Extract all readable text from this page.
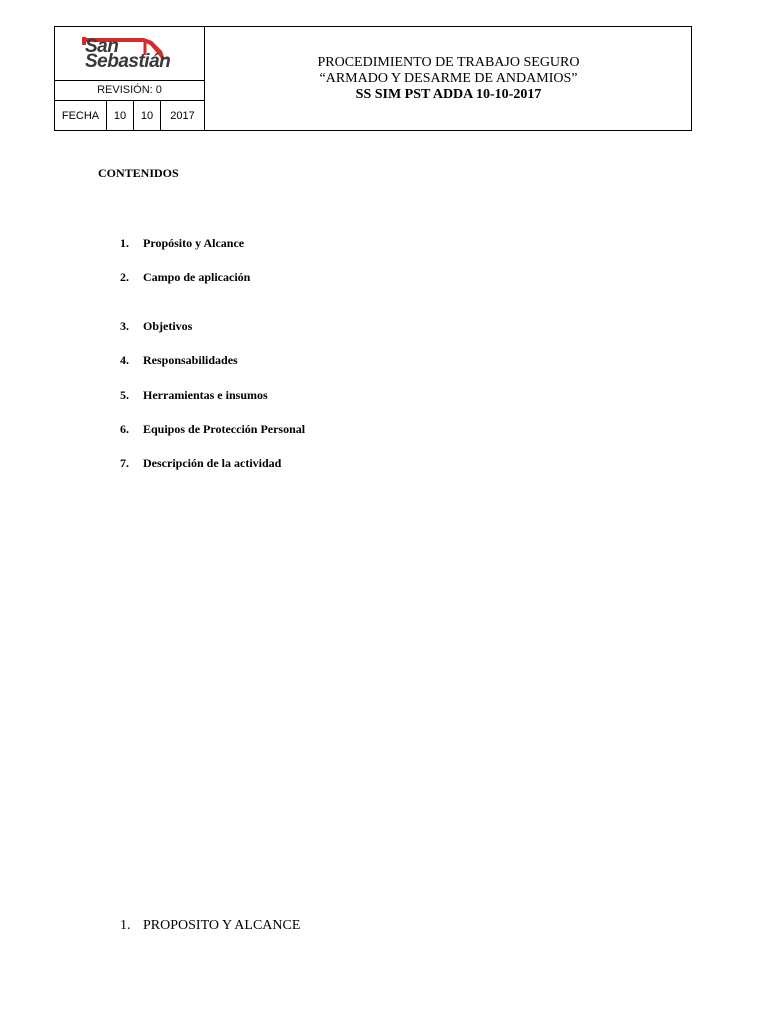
San
Sebastián
REVISIÓN: 0
FECHA	10	10	2017
PROCEDIMIENTO DE TRABAJO SEGURO
“ARMADO Y DESARME DE ANDAMIOS”
SS SIM PST ADDA 10-10-2017
CONTENIDOS
1. Propósito y Alcance
2. Campo de aplicación
3. Objetivos
4. Responsabilidades
5. Herramientas e insumos
6. Equipos de Protección Personal
7. Descripción de la actividad
1. PROPOSITO Y ALCANCE
